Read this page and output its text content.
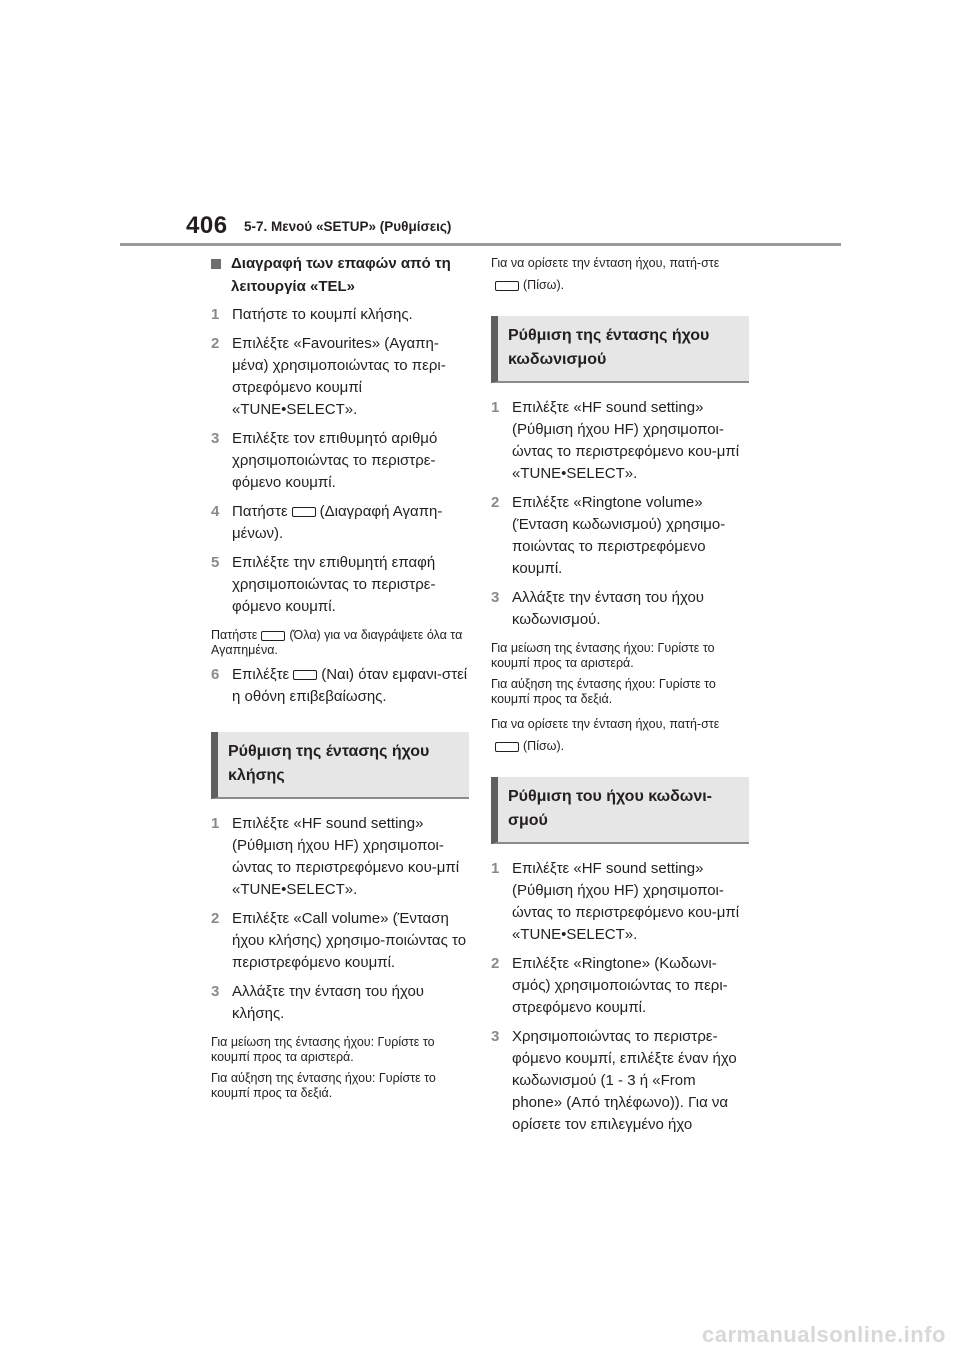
406 5-7. Μενού «SETUP» (Ρυθμίσεις)
Διαγραφή των επαφών από τη λειτουργία «TEL»
1 Πατήστε το κουμπί κλήσης.
2 Επιλέξτε «Favourites» (Αγαπη-μένα) χρησιμοποιώντας το περι-στρεφόμενο κουμπί «TUNE•SELECT».
3 Επιλέξτε τον επιθυμητό αριθμό χρησιμοποιώντας το περιστρε-φόμενο κουμπί.
4 Πατήστε (Διαγραφή Αγαπη-μένων).
5 Επιλέξτε την επιθυμητή επαφή χρησιμοποιώντας το περιστρε-φόμενο κουμπί.
Πατήστε	(Όλα) για να διαγράψετε όλα τα Αγαπημένα.
6 Επιλέξτε (Ναι) όταν εμφανι-στεί η οθόνη επιβεβαίωσης.
Ρύθμιση της έντασης ήχου κλήσης
1 Επιλέξτε «HF sound setting» (Ρύθμιση ήχου HF) χρησιμοποι-ώντας το περιστρεφόμενο κου-μπί «TUNE•SELECT».
2 Επιλέξτε «Call volume» (Ένταση ήχου κλήσης) χρησιμο-ποιώντας το περιστρεφόμενο κουμπί.
3 Αλλάξτε την ένταση του ήχου κλήσης.
Για μείωση της έντασης ήχου: Γυρίστε το κουμπί προς τα αριστερά.
Για αύξηση της έντασης ήχου: Γυρίστε το κουμπί προς τα δεξιά.
Για να ορίσετε την ένταση ήχου, πατή-στε(Πίσω).
Ρύθμιση της έντασης ήχου κωδωνισμού
1 Επιλέξτε «HF sound setting» (Ρύθμιση ήχου HF) χρησιμοποι-ώντας το περιστρεφόμενο κου-μπί «TUNE•SELECT».
2 Επιλέξτε «Ringtone volume» (Ένταση κωδωνισμού) χρησιμο-ποιώντας το περιστρεφόμενο κουμπί.
3 Αλλάξτε την ένταση του ήχου κωδωνισμού.
Για μείωση της έντασης ήχου: Γυρίστε το κουμπί προς τα αριστερά.
Για αύξηση της έντασης ήχου: Γυρίστε το κουμπί προς τα δεξιά.
Για να ορίσετε την ένταση ήχου, πατή-στε(Πίσω).
Ρύθμιση του ήχου κωδωνι-σμού
1 Επιλέξτε «HF sound setting» (Ρύθμιση ήχου HF) χρησιμοποι-ώντας το περιστρεφόμενο κου-μπί «TUNE•SELECT».
2 Επιλέξτε «Ringtone» (Κωδωνι-σμός) χρησιμοποιώντας το περι-στρεφόμενο κουμπί.
3 Χρησιμοποιώντας το περιστρε-φόμενο κουμπί, επιλέξτε έναν ήχο κωδωνισμού (1 - 3 ή «From phone» (Από τηλέφωνο)). Για να ορίσετε τον επιλεγμένο ήχο
carmanualsonline.info
